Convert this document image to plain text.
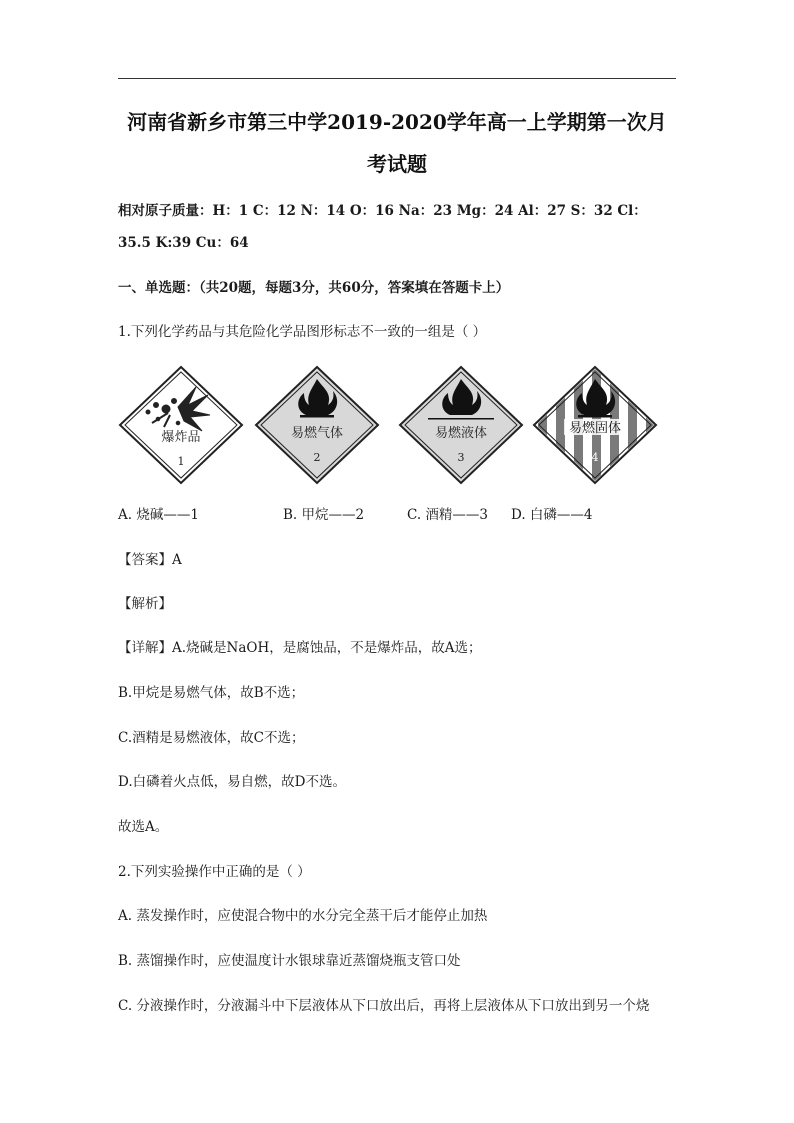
河南省新乡市第三中学2019-2020学年高一上学期第一次月
考试题
相对原子质量：H：1 C：12 N：14 O：16 Na：23 Mg：24 Al：27 S：32 Cl：
35.5 K:39 Cu：64
一、单选题：（共20题，每题3分，共60分，答案填在答题卡上）
1.下列化学药品与其危险化学品图形标志不一致的一组是（ ）
爆炸品
1
易燃气体
2
易燃液体
3
易燃固体
4
A. 烧碱——1	B. 甲烷——2	C. 酒精——3 D. 白磷——4
【答案】A
【解析】
【详解】A.烧碱是NaOH，是腐蚀品，不是爆炸品，故A选；
B.甲烷是易燃气体，故B不选；
C.酒精是易燃液体，故C不选；
D.白磷着火点低，易自燃，故D不选。
故选A。
2.下列实验操作中正确的是（ ）
A. 蒸发操作时，应使混合物中的水分完全蒸干后才能停止加热
B. 蒸馏操作时，应使温度计水银球靠近蒸馏烧瓶支管口处
C. 分液操作时，分液漏斗中下层液体从下口放出后，再将上层液体从下口放出到另一个烧
